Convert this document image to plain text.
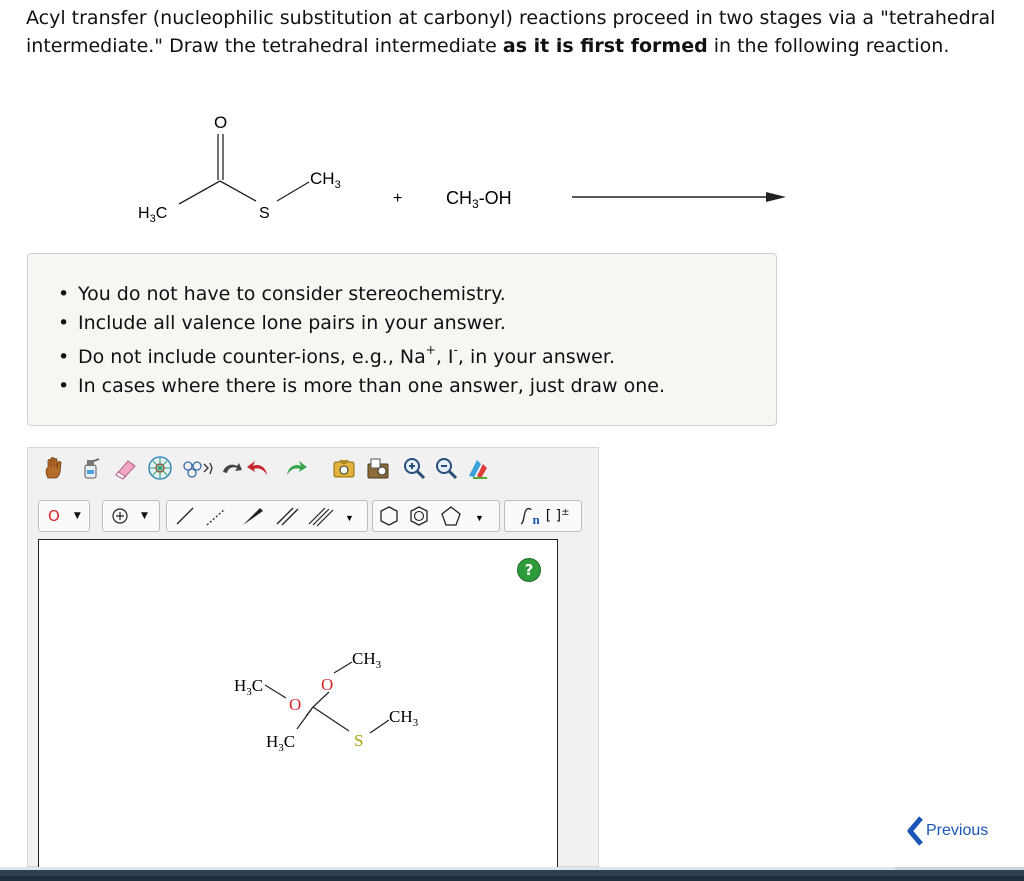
Acyl transfer (nucleophilic substitution at carbonyl) reactions proceed in two stages via a "tetrahedral intermediate." Draw the tetrahedral intermediate as it is first formed in the following reaction.
O
$H_3C$	S
$CH_3$
+ $CH_3-OH$
• You do not have to consider stereochemistry.
• Include all valence lone pairs in your answer.
• Do not include counter-ions, e.g., Na+, I-, in your answer.
• In cases where there is more than one answer, just draw one.
O ▼	▼	▼	▼	n [ ]±
?
$H_3C$
O
O
$CH_3$
$H_3C$	S
$CH_3$
Previous
